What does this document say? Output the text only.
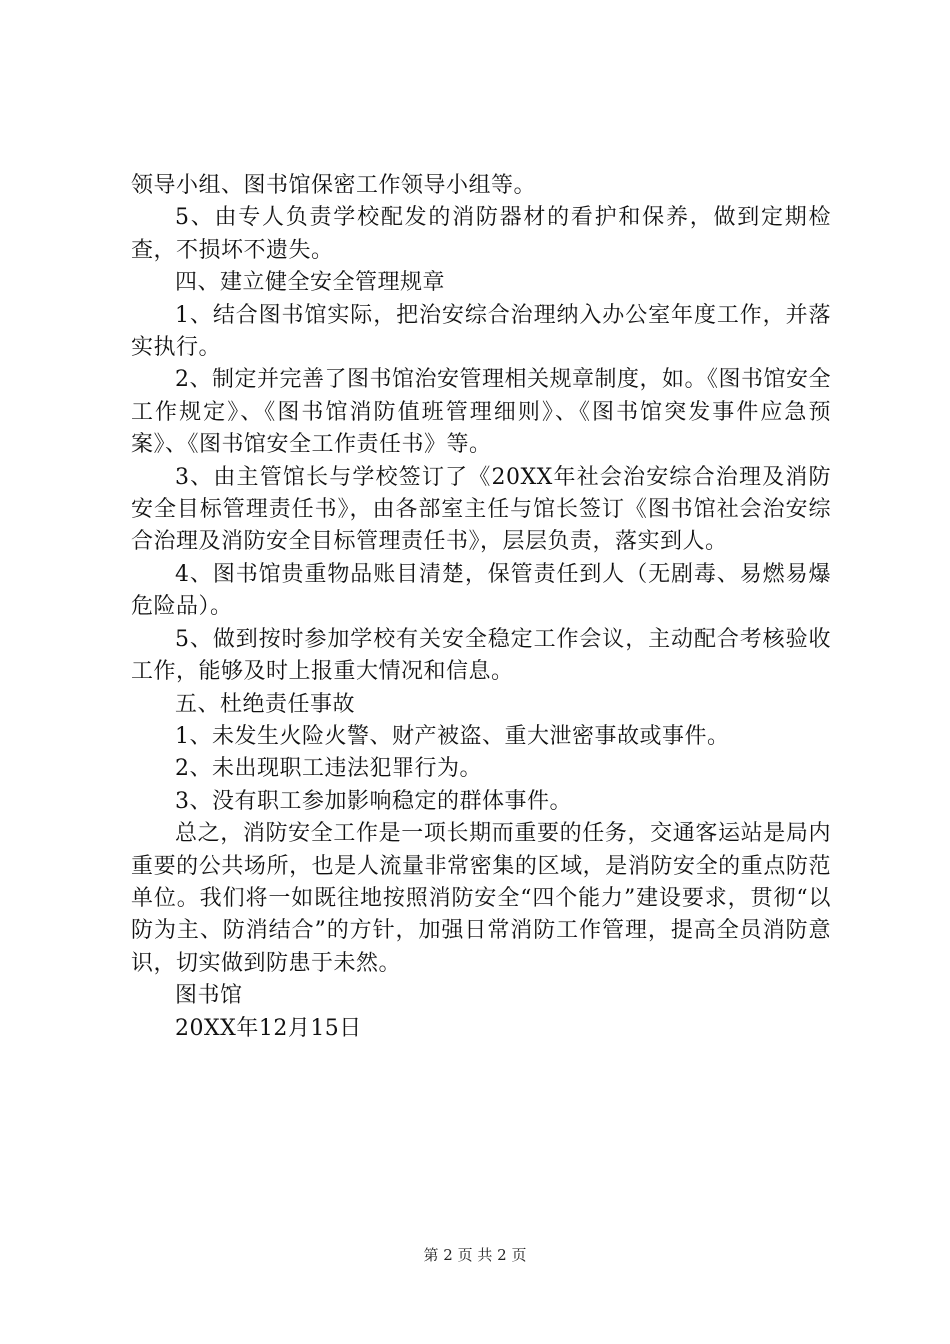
领导小组、图书馆保密工作领导小组等。

5、由专人负责学校配发的消防器材的看护和保养，做到定期检查，不损坏不遗失。

四、建立健全安全管理规章

1、结合图书馆实际，把治安综合治理纳入办公室年度工作，并落实执行。

2、制定并完善了图书馆治安管理相关规章制度，如。《图书馆安全工作规定》、《图书馆消防值班管理细则》、《图书馆突发事件应急预案》、《图书馆安全工作责任书》等。

3、由主管馆长与学校签订了《20XX年社会治安综合治理及消防安全目标管理责任书》，由各部室主任与馆长签订《图书馆社会治安综合治理及消防安全目标管理责任书》，层层负责，落实到人。

4、图书馆贵重物品账目清楚，保管责任到人（无剧毒、易燃易爆危险品）。

5、做到按时参加学校有关安全稳定工作会议，主动配合考核验收工作，能够及时上报重大情况和信息。

五、杜绝责任事故

1、未发生火险火警、财产被盗、重大泄密事故或事件。

2、未出现职工违法犯罪行为。

3、没有职工参加影响稳定的群体事件。

总之，消防安全工作是一项长期而重要的任务，交通客运站是局内重要的公共场所，也是人流量非常密集的区域，是消防安全的重点防范单位。我们将一如既往地按照消防安全“四个能力”建设要求，贯彻“以防为主、防消结合”的方针，加强日常消防工作管理，提高全员消防意识，切实做到防患于未然。

图书馆

20XX年12月15日

第 2 页 共 2 页
